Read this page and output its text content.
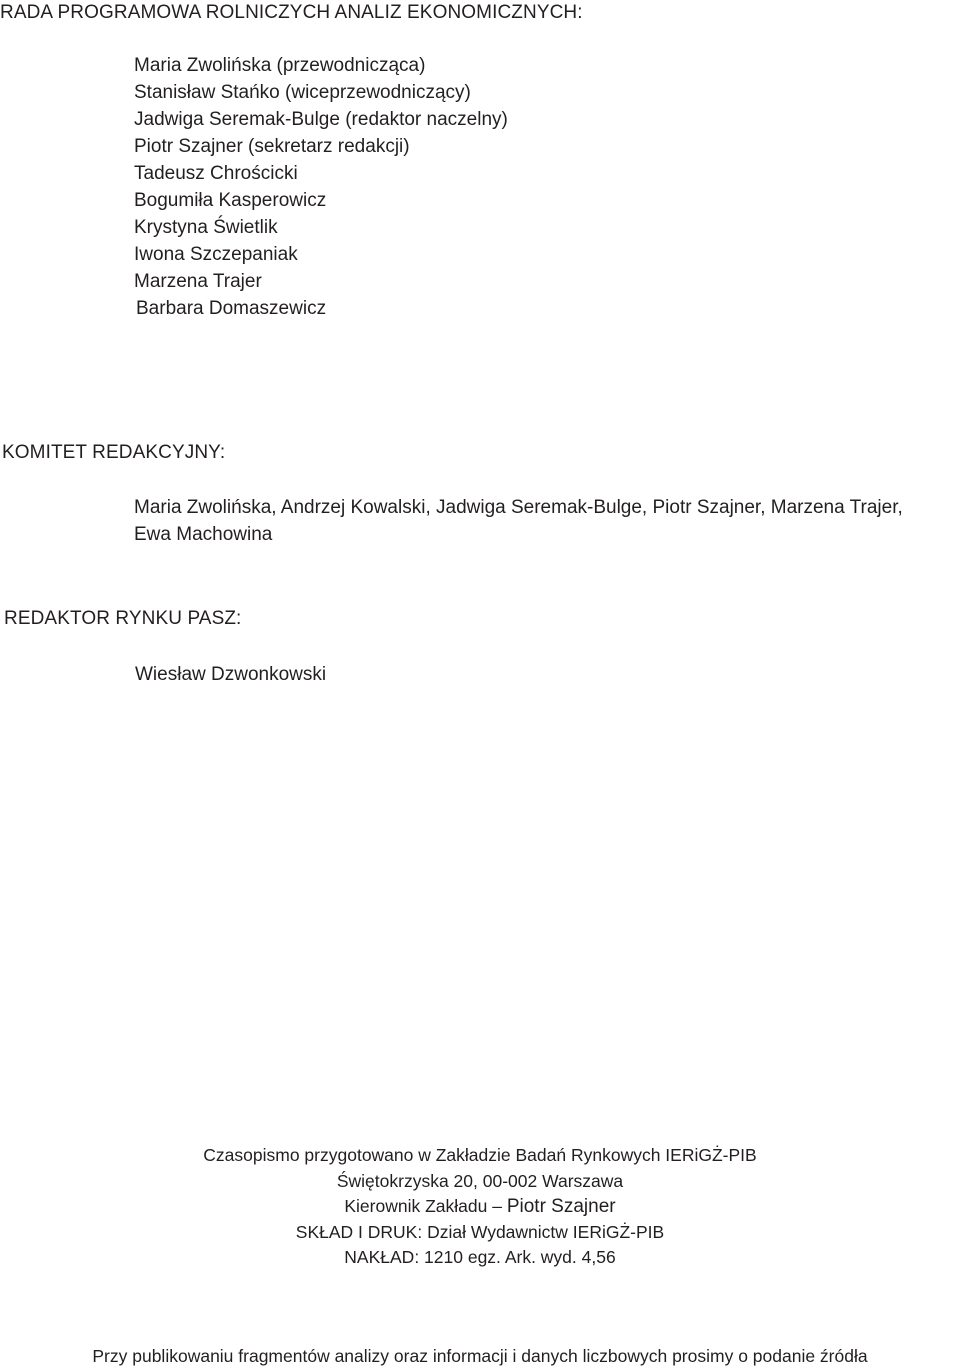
RADA PROGRAMOWA ROLNICZYCH ANALIZ EKONOMICZNYCH:
Maria Zwolińska (przewodnicząca)
Stanisław Stańko (wiceprzewodniczący)
Jadwiga Seremak-Bulge (redaktor naczelny)
Piotr Szajner (sekretarz redakcji)
Tadeusz Chrościcki
Bogumiła Kasperowicz
Krystyna Świetlik
Iwona Szczepaniak
Marzena Trajer
Barbara Domaszewicz
KOMITET REDAKCYJNY:
Maria Zwolińska, Andrzej Kowalski, Jadwiga Seremak-Bulge, Piotr Szajner, Marzena Trajer,
Ewa Machowina
REDAKTOR RYNKU PASZ:
Wiesław Dzwonkowski
Czasopismo przygotowano w Zakładzie Badań Rynkowych IERiGŻ-PIB
Świętokrzyska 20, 00-002 Warszawa
Kierownik Zakładu – Piotr Szajner
SKŁAD I DRUK: Dział Wydawnictw IERiGŻ-PIB
NAKŁAD: 1210 egz. Ark. wyd. 4,56
Przy publikowaniu fragmentów analizy oraz informacji i danych liczbowych prosimy o podanie źródła
